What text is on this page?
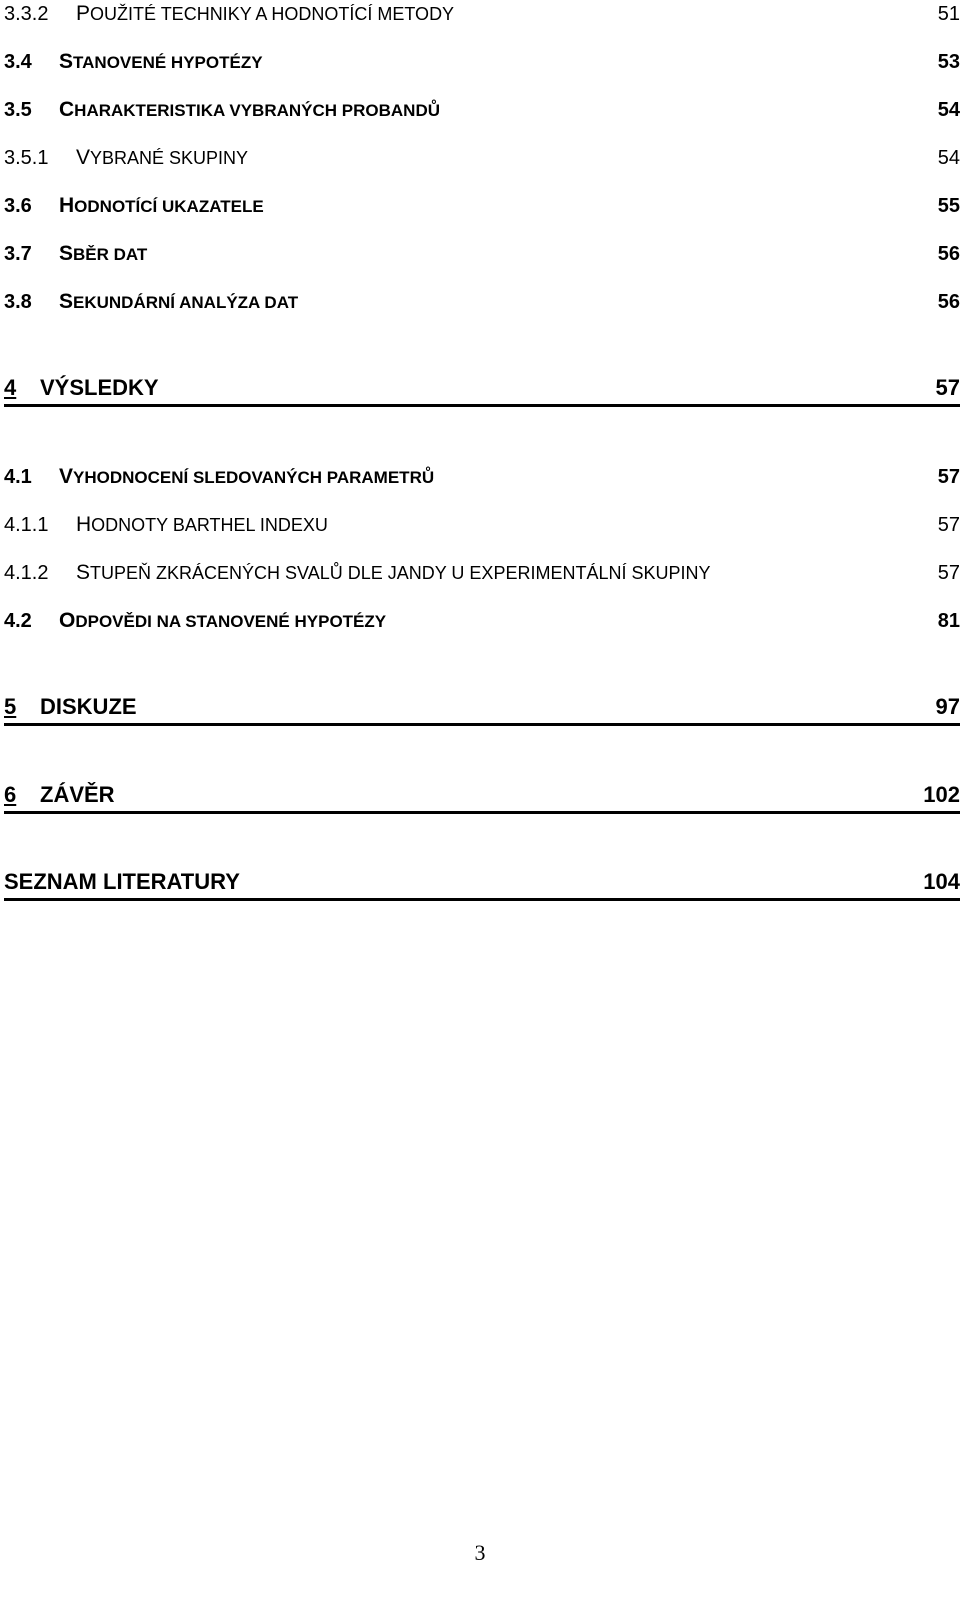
3.3.2 POUŽITÉ TECHNIKY A HODNOTÍCÍ METODY	51
3.4 STANOVENÉ HYPOTÉZY	53
3.5 CHARAKTERISTIKA VYBRANÝCH PROBANDŮ	54
3.5.1 VYBRANÉ SKUPINY	54
3.6 HODNOTÍCÍ UKAZATELE	55
3.7 SBĚR DAT	56
3.8 SEKUNDÁRNÍ ANALÝZA DAT	56
4 VÝSLEDKY	57
4.1 VYHODNOCENÍ SLEDOVANÝCH PARAMETRŮ	57
4.1.1 HODNOTY BARTHEL INDEXU	57
4.1.2 STUPEŇ ZKRÁCENÝCH SVALŮ DLE JANDY U EXPERIMENTÁLNÍ SKUPINY	57
4.2 ODPOVĚDI NA STANOVENÉ HYPOTÉZY	81
5 DISKUZE	97
6 ZÁVĚR	102
SEZNAM LITERATURY	104
3
